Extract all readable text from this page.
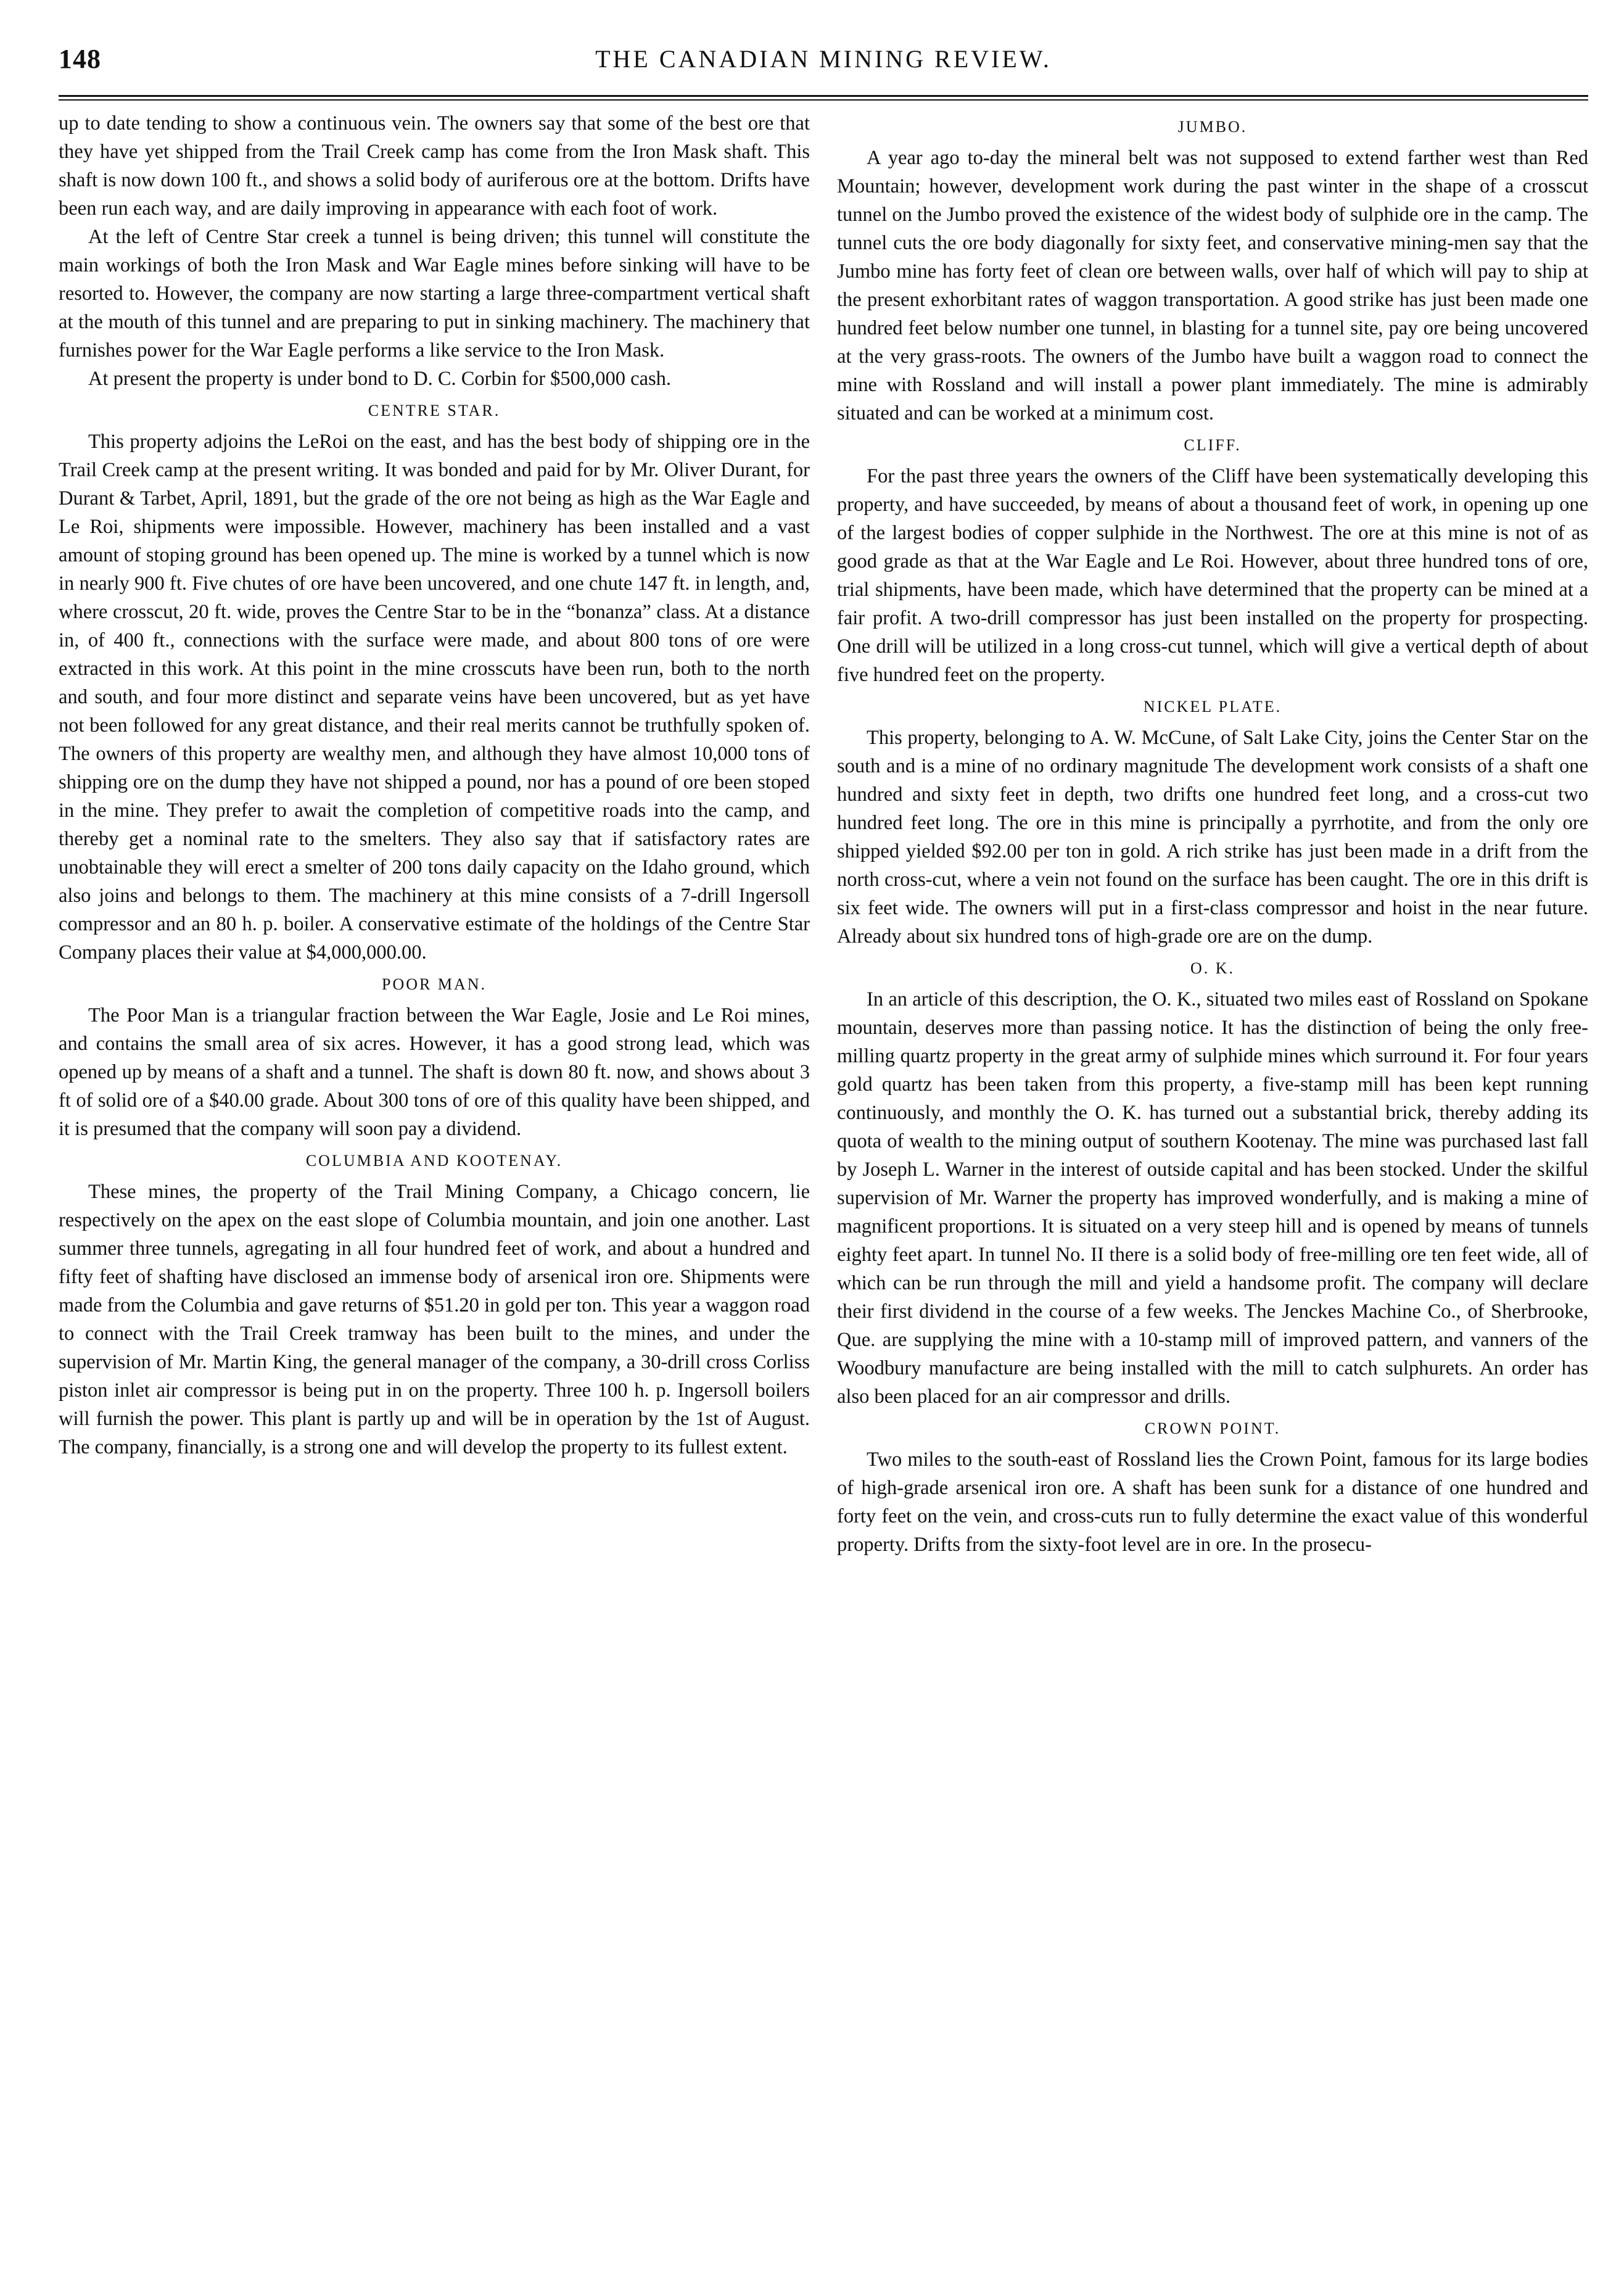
148	THE CANADIAN MINING REVIEW.

up to date tending to show a continuous vein. The owners say that some of the best ore that they have yet shipped from the Trail Creek camp has come from the Iron Mask shaft. This shaft is now down 100 ft., and shows a solid body of auriferous ore at the bottom. Drifts have been run each way, and are daily improving in appearance with each foot of work.

At the left of Centre Star creek a tunnel is being driven; this tunnel will constitute the main workings of both the Iron Mask and War Eagle mines before sinking will have to be resorted to. However, the company are now starting a large three-compartment vertical shaft at the mouth of this tunnel and are preparing to put in sinking machinery. The machinery that furnishes power for the War Eagle performs a like service to the Iron Mask.

At present the property is under bond to D. C. Corbin for $500,000 cash.

CENTRE STAR.

This property adjoins the LeRoi on the east, and has the best body of shipping ore in the Trail Creek camp at the present writing. It was bonded and paid for by Mr. Oliver Durant, for Durant & Tarbet, April, 1891, but the grade of the ore not being as high as the War Eagle and Le Roi, shipments were impossible. However, machinery has been installed and a vast amount of stoping ground has been opened up. The mine is worked by a tunnel which is now in nearly 900 ft. Five chutes of ore have been uncovered, and one chute 147 ft. in length, and, where crosscut, 20 ft. wide, proves the Centre Star to be in the “bonanza” class. At a distance in, of 400 ft., connections with the surface were made, and about 800 tons of ore were extracted in this work. At this point in the mine crosscuts have been run, both to the north and south, and four more distinct and separate veins have been uncovered, but as yet have not been followed for any great distance, and their real merits cannot be truthfully spoken of. The owners of this property are wealthy men, and although they have almost 10,000 tons of shipping ore on the dump they have not shipped a pound, nor has a pound of ore been stoped in the mine. They prefer to await the completion of competitive roads into the camp, and thereby get a nominal rate to the smelters. They also say that if satisfactory rates are unobtainable they will erect a smelter of 200 tons daily capacity on the Idaho ground, which also joins and belongs to them. The machinery at this mine consists of a 7-drill Ingersoll compressor and an 80 h. p. boiler. A conservative estimate of the holdings of the Centre Star Company places their value at $4,000,000.00.

POOR MAN.

The Poor Man is a triangular fraction between the War Eagle, Josie and Le Roi mines, and contains the small area of six acres. However, it has a good strong lead, which was opened up by means of a shaft and a tunnel. The shaft is down 80 ft. now, and shows about 3 ft of solid ore of a $40.00 grade. About 300 tons of ore of this quality have been shipped, and it is presumed that the company will soon pay a dividend.

COLUMBIA AND KOOTENAY.

These mines, the property of the Trail Mining Company, a Chicago concern, lie respectively on the apex on the east slope of Columbia mountain, and join one another. Last summer three tunnels, agregating in all four hundred feet of work, and about a hundred and fifty feet of shafting have disclosed an immense body of arsenical iron ore. Shipments were made from the Columbia and gave returns of $51.20 in gold per ton. This year a waggon road to connect with the Trail Creek tramway has been built to the mines, and under the supervision of Mr. Martin King, the general manager of the company, a 30-drill cross Corliss piston inlet air compressor is being put in on the property. Three 100 h. p. Ingersoll boilers will furnish the power. This plant is partly up and will be in operation by the 1st of August. The company, financially, is a strong one and will develop the property to its fullest extent.

JUMBO.

A year ago to-day the mineral belt was not supposed to extend farther west than Red Mountain; however, development work during the past winter in the shape of a crosscut tunnel on the Jumbo proved the existence of the widest body of sulphide ore in the camp. The tunnel cuts the ore body diagonally for sixty feet, and conservative mining-men say that the Jumbo mine has forty feet of clean ore between walls, over half of which will pay to ship at the present exhorbitant rates of waggon transportation. A good strike has just been made one hundred feet below number one tunnel, in blasting for a tunnel site, pay ore being uncovered at the very grass-roots. The owners of the Jumbo have built a waggon road to connect the mine with Rossland and will install a power plant immediately. The mine is admirably situated and can be worked at a minimum cost.

CLIFF.

For the past three years the owners of the Cliff have been systematically developing this property, and have succeeded, by means of about a thousand feet of work, in opening up one of the largest bodies of copper sulphide in the Northwest. The ore at this mine is not of as good grade as that at the War Eagle and Le Roi. However, about three hundred tons of ore, trial shipments, have been made, which have determined that the property can be mined at a fair profit. A two-drill compressor has just been installed on the property for prospecting. One drill will be utilized in a long cross-cut tunnel, which will give a vertical depth of about five hundred feet on the property.

NICKEL PLATE.

This property, belonging to A. W. McCune, of Salt Lake City, joins the Center Star on the south and is a mine of no ordinary magnitude The development work consists of a shaft one hundred and sixty feet in depth, two drifts one hundred feet long, and a cross-cut two hundred feet long. The ore in this mine is principally a pyrrhotite, and from the only ore shipped yielded $92.00 per ton in gold. A rich strike has just been made in a drift from the north cross-cut, where a vein not found on the surface has been caught. The ore in this drift is six feet wide. The owners will put in a first-class compressor and hoist in the near future. Already about six hundred tons of high-grade ore are on the dump.

O. K.

In an article of this description, the O. K., situated two miles east of Rossland on Spokane mountain, deserves more than passing notice. It has the distinction of being the only free-milling quartz property in the great army of sulphide mines which surround it. For four years gold quartz has been taken from this property, a five-stamp mill has been kept running continuously, and monthly the O. K. has turned out a substantial brick, thereby adding its quota of wealth to the mining output of southern Kootenay. The mine was purchased last fall by Joseph L. Warner in the interest of outside capital and has been stocked. Under the skilful supervision of Mr. Warner the property has improved wonderfully, and is making a mine of magnificent proportions. It is situated on a very steep hill and is opened by means of tunnels eighty feet apart. In tunnel No. II there is a solid body of free-milling ore ten feet wide, all of which can be run through the mill and yield a handsome profit. The company will declare their first dividend in the course of a few weeks. The Jenckes Machine Co., of Sherbrooke, Que. are supplying the mine with a 10-stamp mill of improved pattern, and vanners of the Woodbury manufacture are being installed with the mill to catch sulphurets. An order has also been placed for an air compressor and drills.

CROWN POINT.

Two miles to the south-east of Rossland lies the Crown Point, famous for its large bodies of high-grade arsenical iron ore. A shaft has been sunk for a distance of one hundred and forty feet on the vein, and cross-cuts run to fully determine the exact value of this wonderful property. Drifts from the sixty-foot level are in ore. In the prosecu-
